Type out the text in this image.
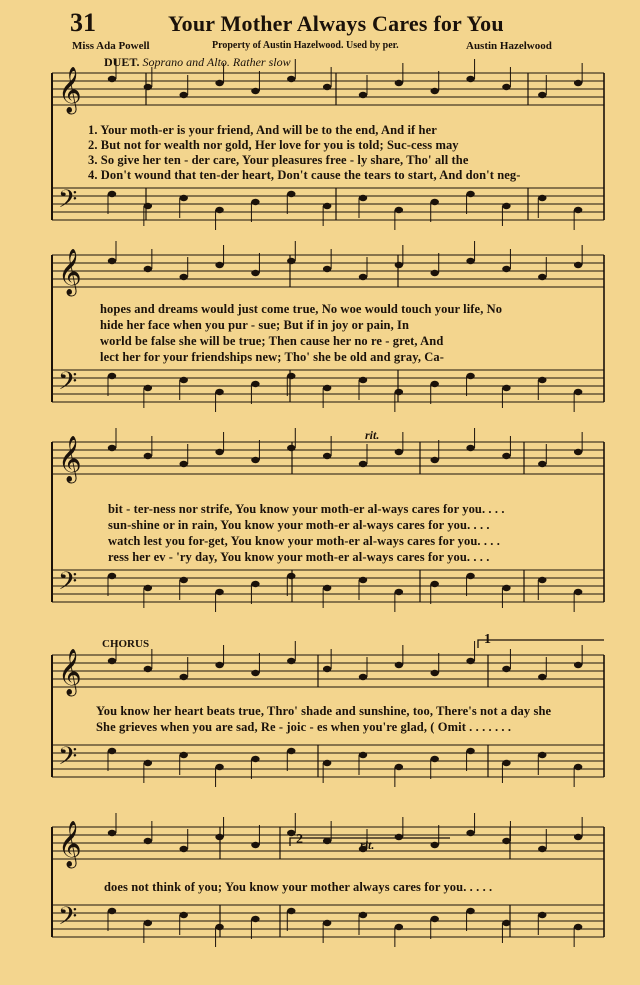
𝄞
𝄢
𝄞
𝄢
𝄞
𝄢
𝄞
𝄢
𝄞
𝄢
31	Your Mother Always Cares for You
Miss Ada Powell	Property of Austin Hazelwood. Used by per.	Austin Hazelwood
DUET. Soprano and Alto. Rather slow
1. Your moth-er is your friend, And will be to the end, And if her
2. But not for wealth nor gold, Her love for you is told; Suc-cess may
3. So give her ten - der care, Your pleasures free - ly share, Tho' all the
4. Don't wound that ten-der heart, Don't cause the tears to start, And don't neg-
hopes and dreams would just come true, No woe would touch your life, No
hide her face when you pur - sue; But if in joy or pain, In
world be false she will be true; Then cause her no re - gret, And
lect her for your friendships new; Tho' she be old and gray, Ca-
rit.
bit - ter-ness nor strife, You know your moth-er al-ways cares for you. . . .
sun-shine or in rain, You know your moth-er al-ways cares for you. . . .
watch lest you for-get, You know your moth-er al-ways cares for you. . . .
ress her ev - 'ry day, You know your moth-er al-ways cares for you. . . .
CHORUS	1
You know her heart beats true, Thro' shade and sunshine, too, There's not a day she
She grieves when you are sad, Re - joic - es when you're glad, ( Omit . . . . . . .
2	rit.
does not think of you; You know your mother always cares for you. . . . .
